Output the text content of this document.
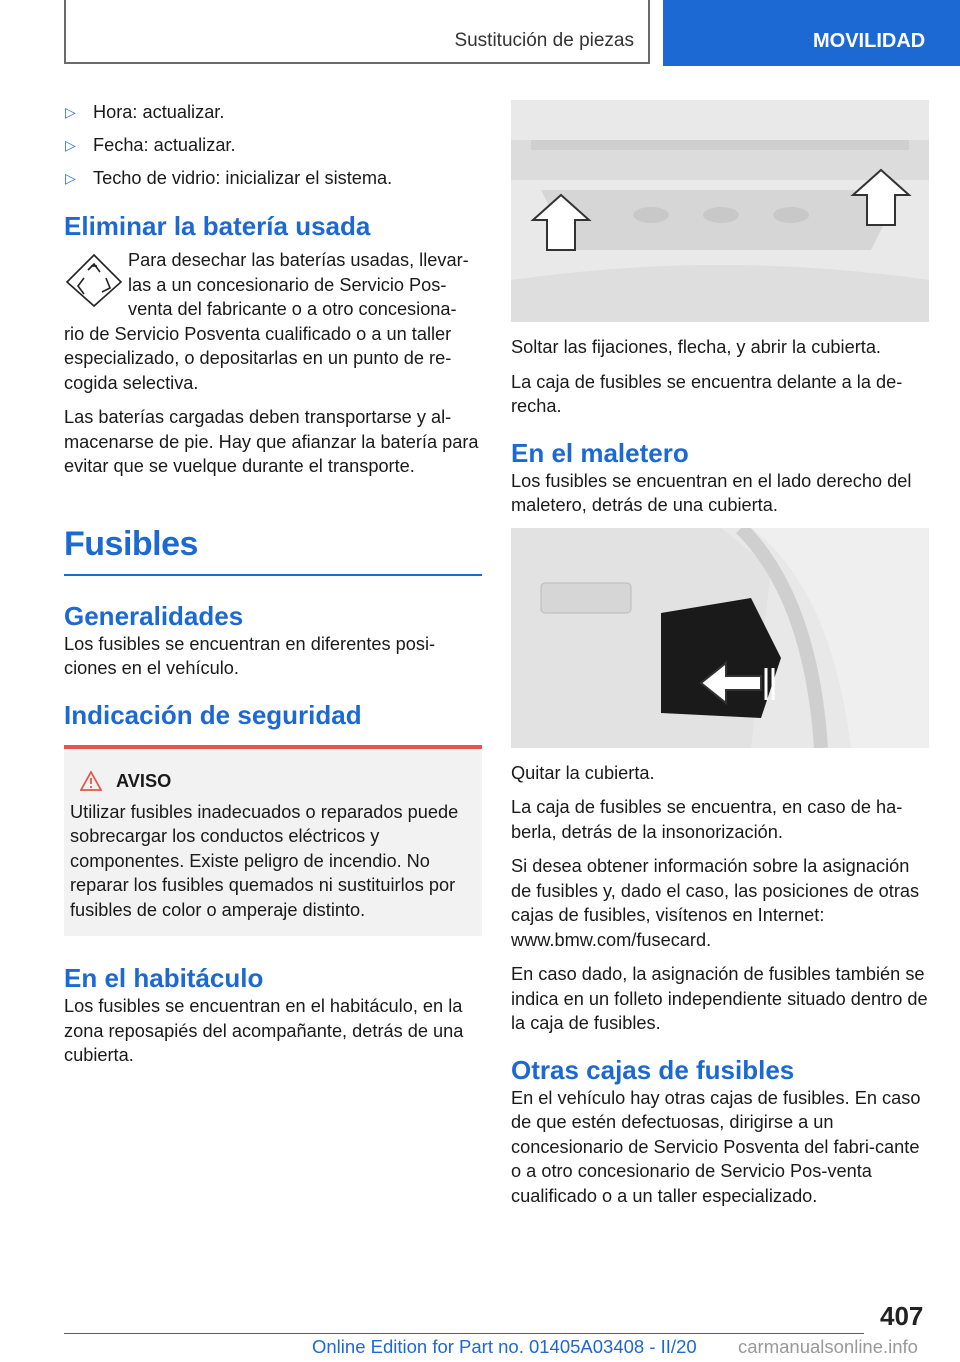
Sustitución de piezas	MOVILIDAD
▷ Hora: actualizar.
▷ Fecha: actualizar.
▷ Techo de vidrio: inicializar el sistema.
Eliminar la batería usada

Para desechar las baterías usadas, llevar-

las a un concesionario de Servicio Pos-

venta del fabricante o a otro concesiona-

rio de Servicio Posventa cualificado o a un taller especializado, o depositarlas en un punto de re-cogida selectiva.

Las baterías cargadas deben transportarse y al-macenarse de pie. Hay que afianzar la batería para evitar que se vuelque durante el transporte.

Fusibles
Generalidades

Los fusibles se encuentran en diferentes posi-ciones en el vehículo.

Indicación de seguridad
AVISO

Utilizar fusibles inadecuados o reparados puede sobrecargar los conductos eléctricos y componentes. Existe peligro de incendio. No reparar los fusibles quemados ni sustituirlos por fusibles de color o amperaje distinto.

En el habitáculo

Los fusibles se encuentran en el habitáculo, en la zona reposapiés del acompañante, detrás de una cubierta.

Soltar las fijaciones, flecha, y abrir la cubierta.

La caja de fusibles se encuentra delante a la de-recha.

En el maletero

Los fusibles se encuentran en el lado derecho del maletero, detrás de una cubierta.

Quitar la cubierta.

La caja de fusibles se encuentra, en caso de ha-berla, detrás de la insonorización.

Si desea obtener información sobre la asignación de fusibles y, dado el caso, las posiciones de otras cajas de fusibles, visítenos en Internet: www.bmw.com/fusecard.

En caso dado, la asignación de fusibles también se indica en un folleto independiente situado dentro de la caja de fusibles.

Otras cajas de fusibles

En el vehículo hay otras cajas de fusibles. En caso de que estén defectuosas, dirigirse a un concesionario de Servicio Posventa del fabri-cante o a otro concesionario de Servicio Pos-venta cualificado o a un taller especializado.

407
Online Edition for Part no. 01405A03408 - II/20 carmanualsonline.info
